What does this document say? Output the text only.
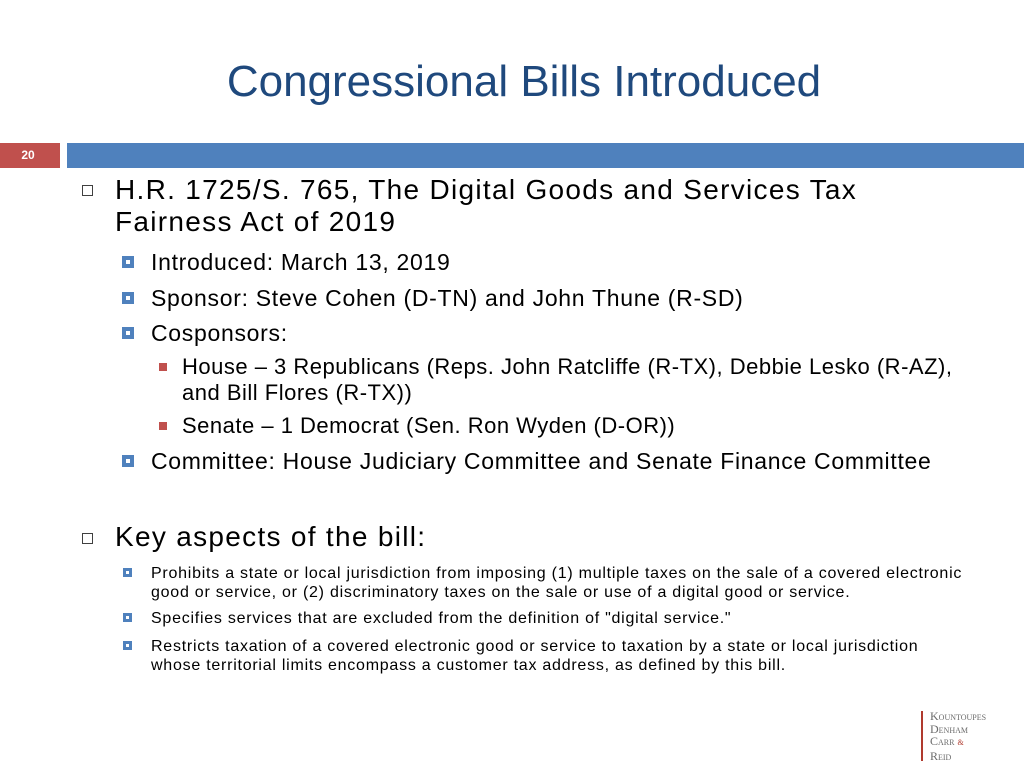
Congressional Bills Introduced
20
H.R. 1725/S. 765, The Digital Goods and Services Tax
Fairness Act of 2019
Introduced: March 13, 2019
Sponsor: Steve Cohen (D-TN) and John Thune (R-SD)
Cosponsors:
House – 3 Republicans (Reps. John Ratcliffe (R-TX), Debbie Lesko (R-AZ),
and Bill Flores (R-TX))
Senate – 1 Democrat (Sen. Ron Wyden (D-OR))
Committee: House Judiciary Committee and Senate Finance Committee
Key aspects of the bill:
Prohibits a state or local jurisdiction from imposing (1) multiple taxes on the sale of a covered electronic
good or service, or (2) discriminatory taxes on the sale or use of a digital good or service.
Specifies services that are excluded from the definition of "digital service."
Restricts taxation of a covered electronic good or service to taxation by a state or local jurisdiction
whose territorial limits encompass a customer tax address, as defined by this bill.
Kountoupes
Denham
Carr &
Reid
